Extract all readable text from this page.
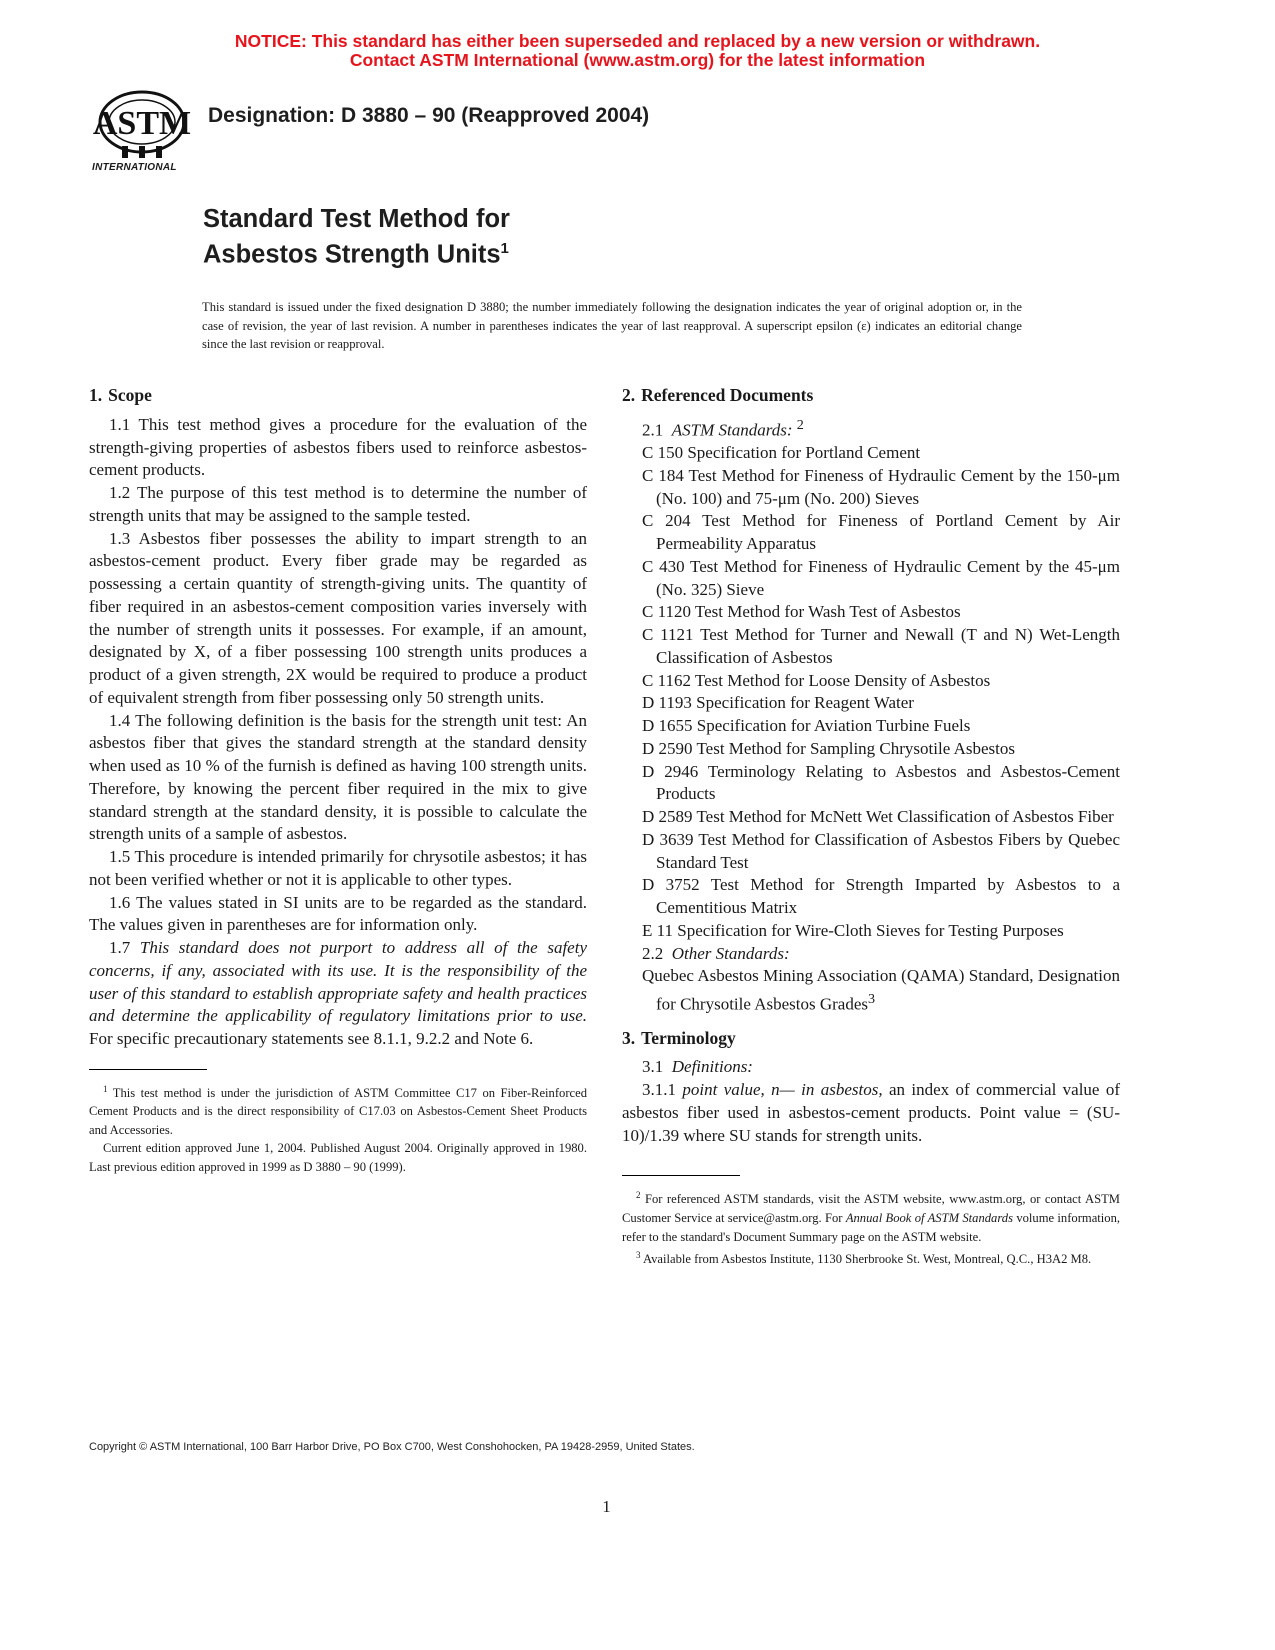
NOTICE: This standard has either been superseded and replaced by a new version or withdrawn.
Contact ASTM International (www.astm.org) for the latest information
ASTM
INTERNATIONAL
Designation: D 3880 – 90 (Reapproved 2004)
Standard Test Method for
Asbestos Strength Units$^1$
This standard is issued under the fixed designation D 3880; the number immediately following the designation indicates the year of original adoption or, in the case of revision, the year of last revision. A number in parentheses indicates the year of last reapproval. A superscript epsilon (ε) indicates an editorial change since the last revision or reapproval.
1. Scope

1.1 This test method gives a procedure for the evaluation of the strength-giving properties of asbestos fibers used to reinforce asbestos-cement products.

1.2 The purpose of this test method is to determine the number of strength units that may be assigned to the sample tested.

1.3 Asbestos fiber possesses the ability to impart strength to an asbestos-cement product. Every fiber grade may be regarded as possessing a certain quantity of strength-giving units. The quantity of fiber required in an asbestos-cement composition varies inversely with the number of strength units it possesses. For example, if an amount, designated by X, of a fiber possessing 100 strength units produces a product of a given strength, 2X would be required to produce a product of equivalent strength from fiber possessing only 50 strength units.

1.4 The following definition is the basis for the strength unit test: An asbestos fiber that gives the standard strength at the standard density when used as 10 % of the furnish is defined as having 100 strength units. Therefore, by knowing the percent fiber required in the mix to give standard strength at the standard density, it is possible to calculate the strength units of a sample of asbestos.

1.5 This procedure is intended primarily for chrysotile asbestos; it has not been verified whether or not it is applicable to other types.

1.6 The values stated in SI units are to be regarded as the standard. The values given in parentheses are for information only.

1.7 This standard does not purport to address all of the safety concerns, if any, associated with its use. It is the responsibility of the user of this standard to establish appropriate safety and health practices and determine the applicability of regulatory limitations prior to use. For specific precautionary statements see 8.1.1, 9.2.2 and Note 6.

$^1$ This test method is under the jurisdiction of ASTM Committee C17 on Fiber-Reinforced Cement Products and is the direct responsibility of C17.03 on Asbestos-Cement Sheet Products and Accessories.

Current edition approved June 1, 2004. Published August 2004. Originally approved in 1980. Last previous edition approved in 1999 as D 3880 – 90 (1999).

2. Referenced Documents

2.1 ASTM Standards: $^2$

C 150 Specification for Portland Cement

C 184 Test Method for Fineness of Hydraulic Cement by the 150-μm (No. 100) and 75-μm (No. 200) Sieves

C 204 Test Method for Fineness of Portland Cement by Air Permeability Apparatus

C 430 Test Method for Fineness of Hydraulic Cement by the 45-μm (No. 325) Sieve

C 1120 Test Method for Wash Test of Asbestos

C 1121 Test Method for Turner and Newall (T and N) Wet-Length Classification of Asbestos

C 1162 Test Method for Loose Density of Asbestos

D 1193 Specification for Reagent Water

D 1655 Specification for Aviation Turbine Fuels

D 2590 Test Method for Sampling Chrysotile Asbestos

D 2946 Terminology Relating to Asbestos and Asbestos-Cement Products

D 2589 Test Method for McNett Wet Classification of Asbestos Fiber

D 3639 Test Method for Classification of Asbestos Fibers by Quebec Standard Test

D 3752 Test Method for Strength Imparted by Asbestos to a Cementitious Matrix

E 11 Specification for Wire-Cloth Sieves for Testing Purposes

2.2 Other Standards:

Quebec Asbestos Mining Association (QAMA) Standard, Designation for Chrysotile Asbestos Grades$^3$

3. Terminology

3.1 Definitions:

3.1.1 point value, n— in asbestos, an index of commercial value of asbestos fiber used in asbestos-cement products. Point value = (SU-10)/1.39 where SU stands for strength units.

$^2$ For referenced ASTM standards, visit the ASTM website, www.astm.org, or contact ASTM Customer Service at service@astm.org. For Annual Book of ASTM Standards volume information, refer to the standard's Document Summary page on the ASTM website.

$^3$ Available from Asbestos Institute, 1130 Sherbrooke St. West, Montreal, Q.C., H3A2 M8.

Copyright © ASTM International, 100 Barr Harbor Drive, PO Box C700, West Conshohocken, PA 19428-2959, United States.
1
